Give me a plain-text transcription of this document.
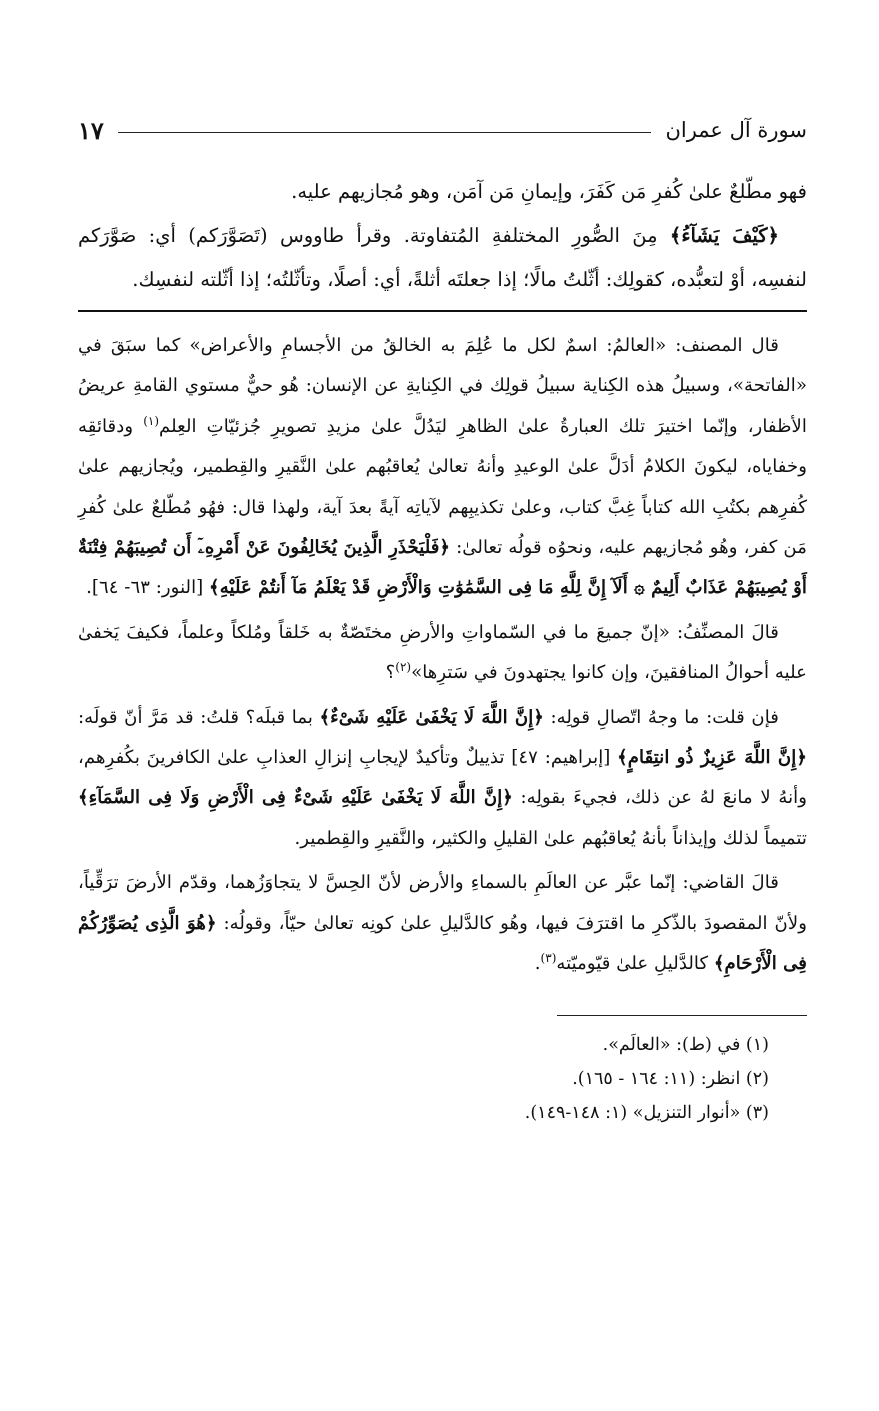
سورة آل عمران
١٧

فهو مطّلعٌ علىٰ كُفرِ مَن كَفَرَ، وإيمانِ مَن آمَن، وهو مُجازيهم عليه.

﴿كَيْفَ يَشَآءُ﴾ مِنَ الصُّورِ المختلفةِ المُتفاوتة. وقرأ طاووس (تَصَوَّرَكم) أي: صَوَّرَكم لنفسِه، أوْ لتعبُّده، كقولِك: أثّلتُ مالًا؛ إذا جعلتَه أثلةً، أي: أصلًا، وتأثّلتُه؛ إذا أثّلته لنفسِك.

قال المصنف: «العالمُ: اسمٌ لكل ما عُلِمَ به الخالقُ من الأجسامِ والأعراض» كما سبَقَ في «الفاتحة»، وسبيلُ هذه الكِناية سبيلُ قولِك في الكِنايةِ عن الإنسان: هُو حيٌّ مستوي القامةِ عريضُ الأظفار، وإنّما اختيرَ تلك العبارةُ علىٰ الظاهرِ ليَدُلَّ علىٰ مزيدِ تصويرِ جُزئيّاتِ العِلم$^{(١)}$ ودقائقِه وخفاياه، ليكونَ الكلامُ أدَلَّ علىٰ الوعيدِ وأنهُ تعالىٰ يُعاقبُهم علىٰ النَّقيرِ والقِطمير، ويُجازيهم علىٰ كُفرِهم بكتُبِ الله كتاباً غِبَّ كتاب، وعلىٰ تكذيبِهم لآياتِه آيةً بعدَ آية، ولهذا قال: فهُو مُطّلعٌ علىٰ كُفرِ مَن كفر، وهُو مُجازيهم عليه، ونحوُه قولُه تعالىٰ: ﴿فَلْيَحْذَرِ الَّذِينَ يُخَالِفُونَ عَنْ أَمْرِهِۦٓ أَن تُصِيبَهُمْ فِتْنَةٌ أَوْ يُصِيبَهُمْ عَذَابٌ أَلِيمٌ ۞ أَلَآ إِنَّ لِلَّهِ مَا فِى السَّمَٰوَٰتِ وَالْأَرْضِ قَدْ يَعْلَمُ مَآ أَنتُمْ عَلَيْهِ﴾ [النور: ٦٣- ٦٤].

قالَ المصنِّفُ: «إنّ جميعَ ما في السّماواتِ والأرضِ مختَصّةٌ به خَلقاً ومُلكاً وعلماً، فكيفَ يَخفىٰ عليه أحوالُ المنافقينَ، وإن كانوا يجتهدونَ في سَترِها»$^{(٢)}$؟

فإن قلت: ما وجهُ اتّصالِ قولِه: ﴿إِنَّ اللَّهَ لَا يَخْفَىٰ عَلَيْهِ شَىْءٌ﴾ بما قبلَه؟ قلتُ: قد مَرَّ أنّ قولَه: ﴿إِنَّ اللَّهَ عَزِيزٌ ذُو انتِقَامٍ﴾ [إبراهيم: ٤٧] تذييلٌ وتأكيدٌ لإيجابِ إنزالِ العذابِ علىٰ الكافرينَ بكُفرِهم، وأنهُ لا مانعَ لهُ عن ذلك، فجيءَ بقولِه: ﴿إِنَّ اللَّهَ لَا يَخْفَىٰ عَلَيْهِ شَىْءٌ فِى الْأَرْضِ وَلَا فِى السَّمَآءِ﴾ تتميماً لذلك وإيذاناً بأنهُ يُعاقبُهم علىٰ القليلِ والكثير، والنَّقيرِ والقِطمير.

قالَ القاضي: إنّما عبَّر عن العالَمِ بالسماءِ والأرض لأنّ الحِسَّ لا يتجاوَزُهما، وقدّم الأرضَ ترَقِّياً، ولأنّ المقصودَ بالذّكرِ ما اقترَفَ فيها، وهُو كالدَّليلِ علىٰ كونِه تعالىٰ حيّاً، وقولُه: ﴿هُوَ الَّذِى يُصَوِّرُكُمْ فِى الْأَرْحَامِ﴾ كالدَّليلِ علىٰ قيّوميّته$^{(٣)}$.

(١) في (ط): «العالَم».

(٢) انظر: (١١: ١٦٤ - ١٦٥).

(٣) «أنوار التنزيل» (١: ١٤٨-١٤٩).
